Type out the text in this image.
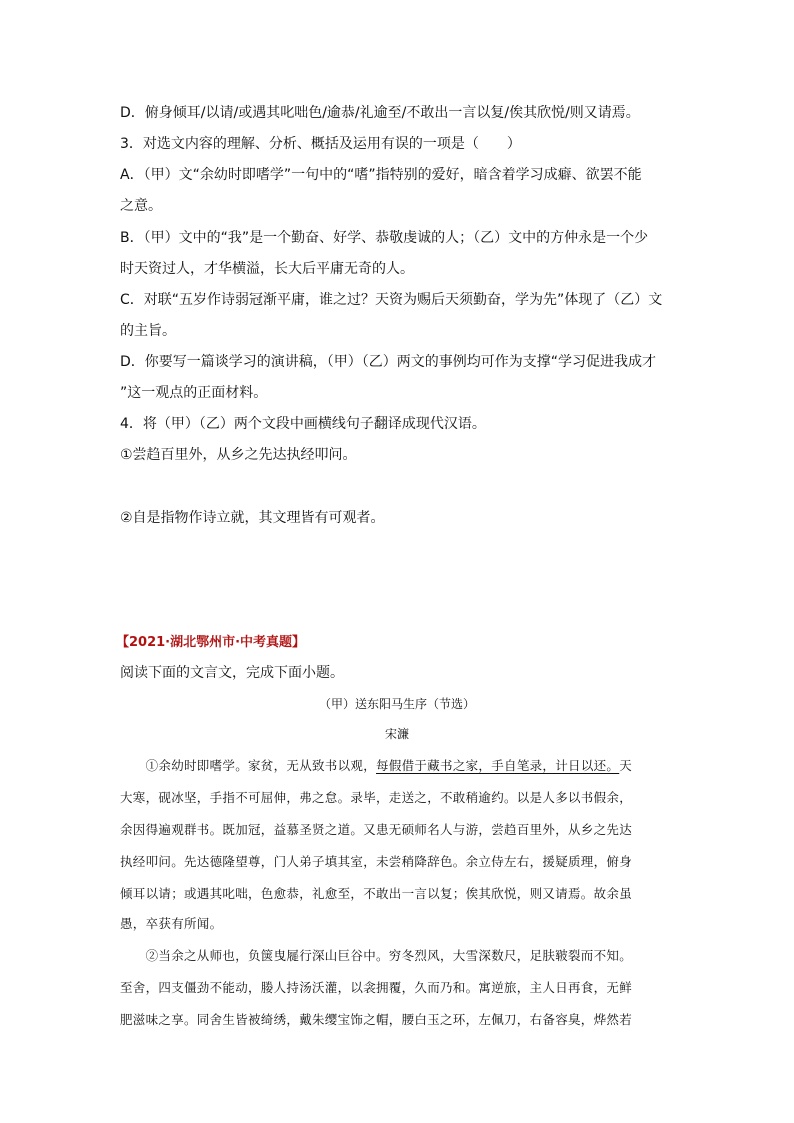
D．俯身倾耳/以请/或遇其叱咄色/逾恭/礼逾至/不敢出一言以复/俟其欣悦/则又请焉。
3．对选文内容的理解、分析、概括及运用有误的一项是（　　）
A．（甲）文“余幼时即嗜学”一句中的“嗜”指特别的爱好，暗含着学习成癖、欲罢不能
之意。
B．（甲）文中的“我”是一个勤奋、好学、恭敬虔诚的人；（乙）文中的方仲永是一个少
时天资过人，才华横溢，长大后平庸无奇的人。
C．对联“五岁作诗弱冠渐平庸，谁之过？天资为赐后天须勤奋，学为先”体现了（乙）文
的主旨。
D．你要写一篇谈学习的演讲稿，（甲）（乙）两文的事例均可作为支撑“学习促进我成才
”这一观点的正面材料。
4．将（甲）（乙）两个文段中画横线句子翻译成现代汉语。
①尝趋百里外，从乡之先达执经叩问。
②自是指物作诗立就，其文理皆有可观者。
【2021·湖北鄂州市·中考真题】
阅读下面的文言文，完成下面小题。
（甲）送东阳马生序（节选）
宋濂
　　①余幼时即嗜学。家贫，无从致书以观，每假借于藏书之家，手自笔录，计日以还。天
大寒，砚冰坚，手指不可屈伸，弗之怠。录毕，走送之，不敢稍逾约。以是人多以书假余，
余因得遍观群书。既加冠，益慕圣贤之道。又患无硕师名人与游，尝趋百里外，从乡之先达
执经叩问。先达德隆望尊，门人弟子填其室，未尝稍降辞色。余立侍左右，援疑质理，俯身
倾耳以请；或遇其叱咄，色愈恭，礼愈至，不敢出一言以复；俟其欣悦，则又请焉。故余虽
愚，卒获有所闻。
　　②当余之从师也，负箧曳屣行深山巨谷中。穷冬烈风，大雪深数尺，足肤皲裂而不知。
至舍，四支僵劲不能动，媵人持汤沃灌，以衾拥覆，久而乃和。寓逆旅，主人日再食，无鲜
肥滋味之享。同舍生皆被绮绣，戴朱缨宝饰之帽，腰白玉之环，左佩刀，右备容臭，烨然若
